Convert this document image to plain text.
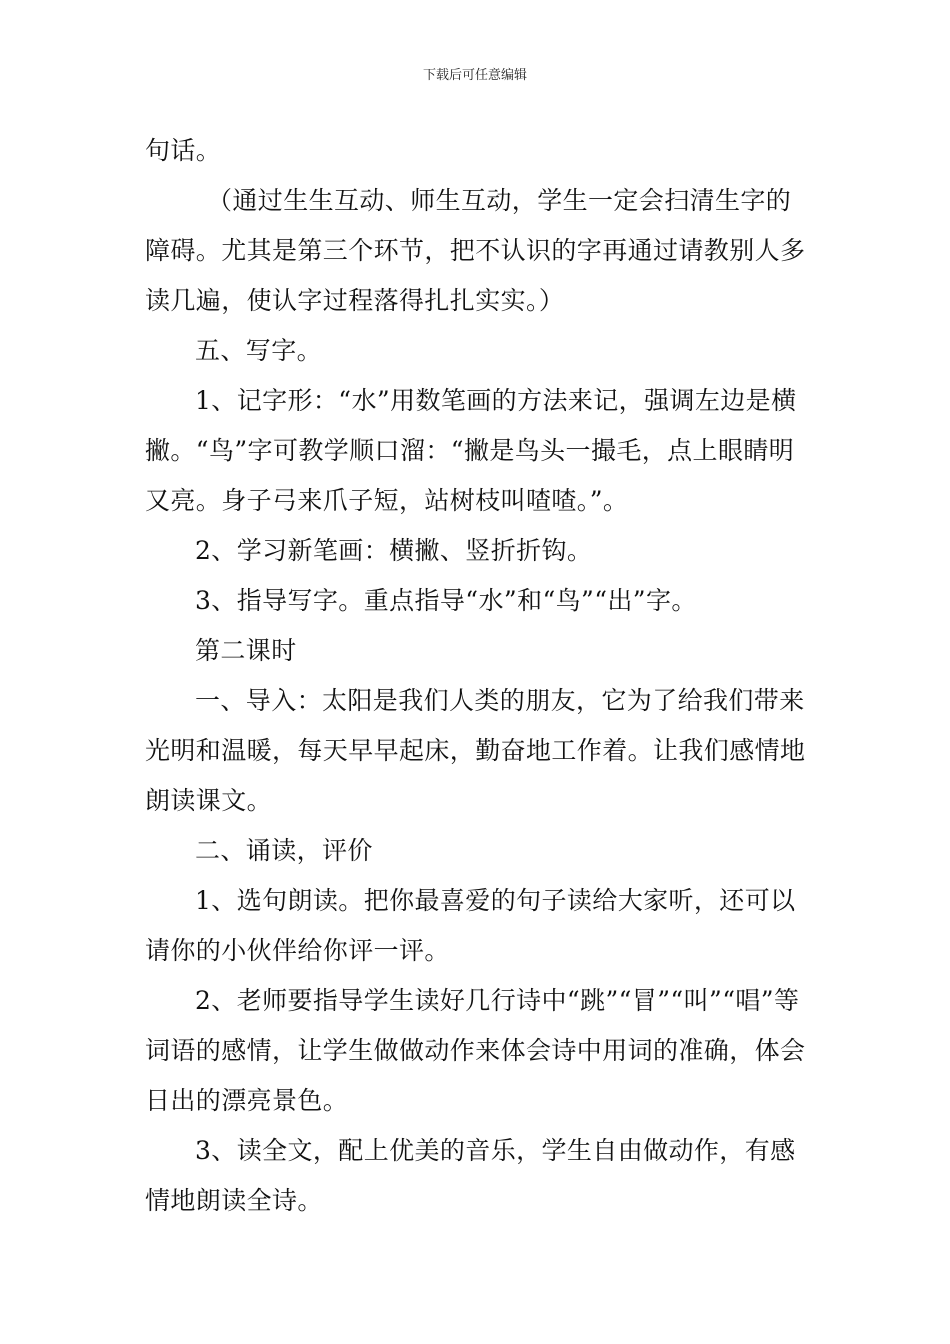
下载后可任意编辑

句话。

（通过生生互动、师生互动，学生一定会扫清生字的障碍。尤其是第三个环节，把不认识的字再通过请教别人多读几遍，使认字过程落得扎扎实实。）

五、写字。

1、记字形：“水”用数笔画的方法来记，强调左边是横撇。“鸟”字可教学顺口溜：“撇是鸟头一撮毛，点上眼睛明又亮。身子弓来爪子短，站树枝叫喳喳。”。

2、学习新笔画：横撇、竖折折钩。

3、指导写字。重点指导“水”和“鸟”“出”字。

第二课时

一、导入：太阳是我们人类的朋友，它为了给我们带来光明和温暖，每天早早起床，勤奋地工作着。让我们感情地朗读课文。

二、诵读，评价

1、选句朗读。把你最喜爱的句子读给大家听，还可以请你的小伙伴给你评一评。

2、老师要指导学生读好几行诗中“跳”“冒”“叫”“唱”等词语的感情，让学生做做动作来体会诗中用词的准确，体会日出的漂亮景色。

3、读全文，配上优美的音乐，学生自由做动作，有感情地朗读全诗。
